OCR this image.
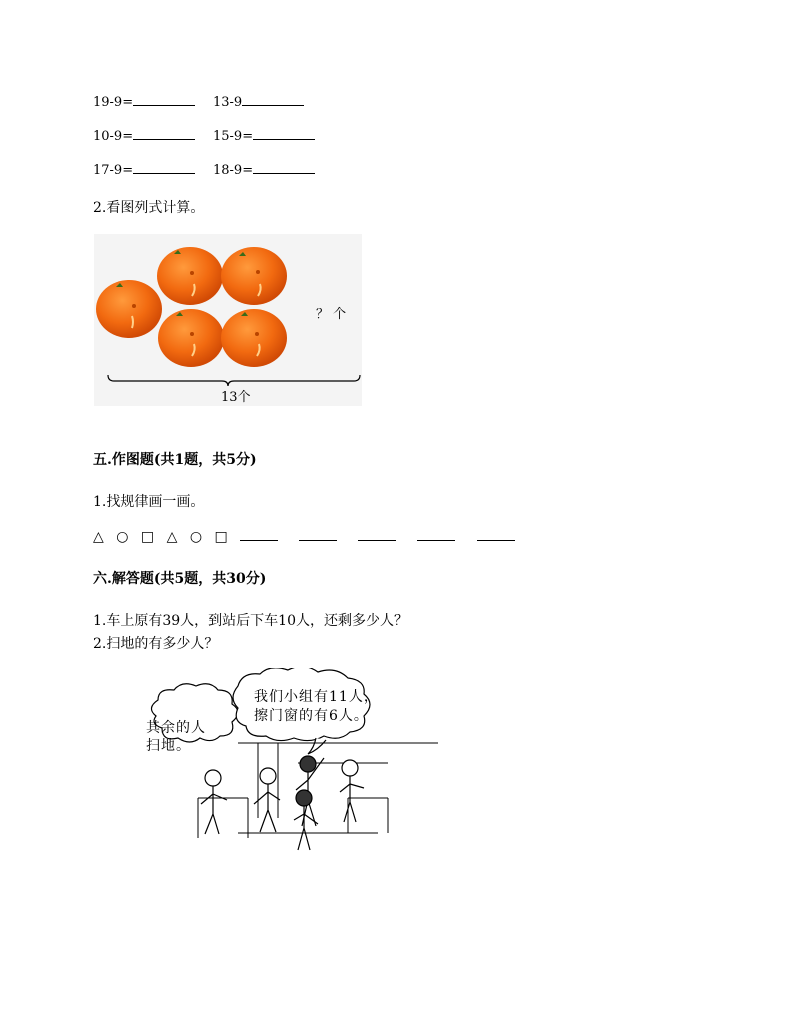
19-9=	13-9
10-9=	15-9=
17-9=	18-9=
2.看图列式计算。
？ 个
13个
五.作图题(共1题，共5分)
1.找规律画一画。
△ ○ □ △ ○ □
六.解答题(共5题，共30分)
1.车上原有39人，到站后下车10人，还剩多少人？
2.扫地的有多少人？
其余的人
扫地。
我们小组有11人，
擦门窗的有6人。
